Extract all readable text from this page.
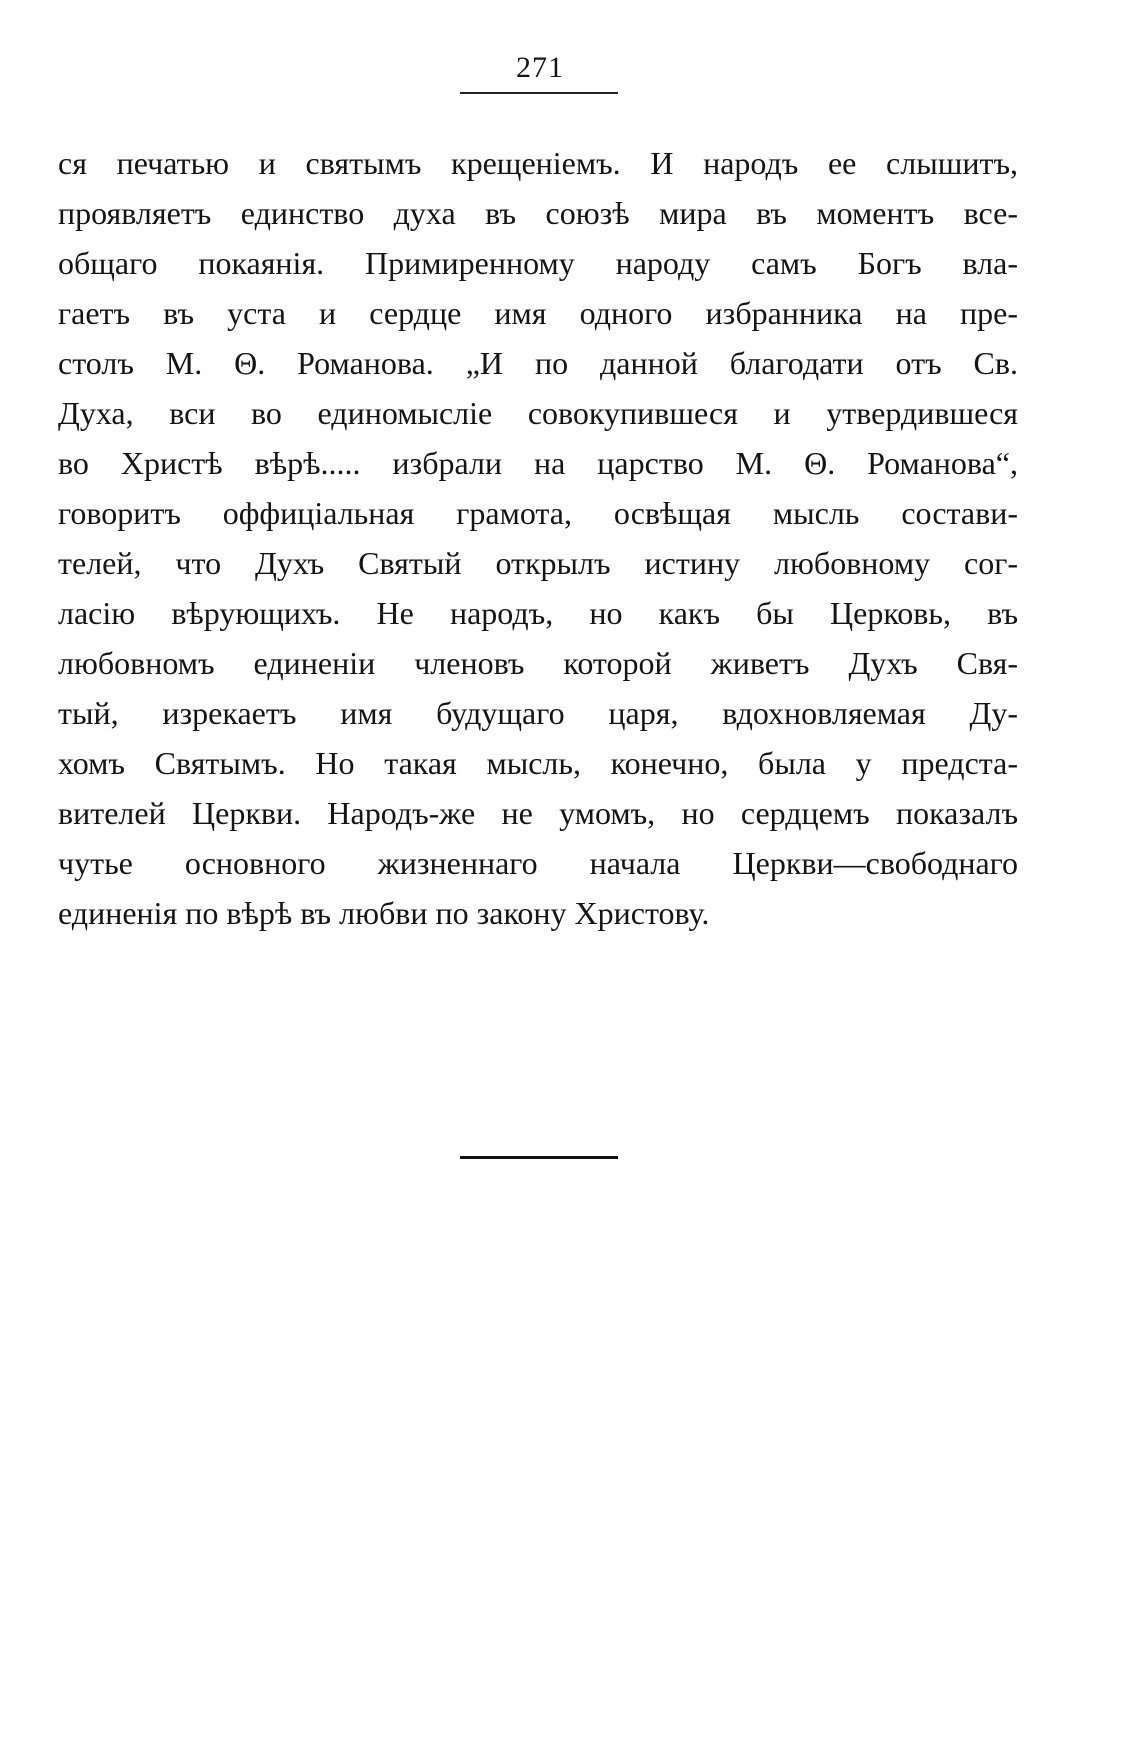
271
ся печатью и святымъ крещенiемъ. И народъ ее слышитъ,
проявляетъ единство духа въ союзѣ мира въ моментъ все-
общаго покаянiя. Примиренному народу самъ Богъ вла-
гаетъ въ уста и сердце имя одного избранника на пре-
столъ М. Θ. Романова. „И по данной благодати отъ Св.
Духа, вси во единомыслiе совокупившеся и утвердившеся
во Христѣ вѣрѣ..... избрали на царство М. Θ. Романова“,
говоритъ оффицiальная грамота, освѣщая мысль состави-
телей, что Духъ Святый открылъ истину любовному сог-
ласiю вѣрующихъ. Не народъ, но какъ бы Церковь, въ
любовномъ единенiи членовъ которой живетъ Духъ Свя-
тый, изрекаетъ имя будущаго царя, вдохновляемая Ду-
хомъ Святымъ. Но такая мысль, конечно, была у предста-
вителей Церкви. Народъ-же не умомъ, но сердцемъ показалъ
чутье основного жизненнаго начала Церкви—свободнаго
единенiя по вѣрѣ въ любви по закону Христову.
